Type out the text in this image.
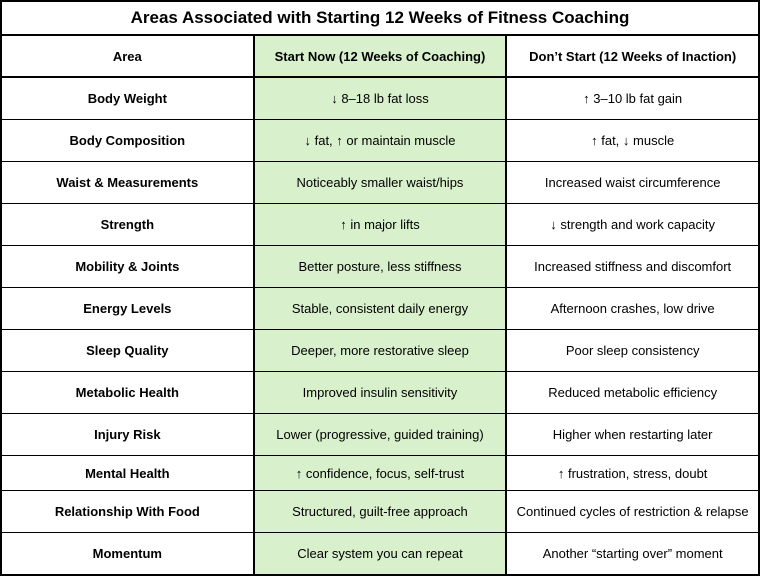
Areas Associated with Starting 12 Weeks of Fitness Coaching		
Area	Start Now (12 Weeks of Coaching)	Don’t Start (12 Weeks of Inaction)
Body Weight	↓ 8–18 lb fat loss	↑ 3–10 lb fat gain
Body Composition	↓ fat, ↑ or maintain muscle	↑ fat, ↓ muscle
Waist & Measurements	Noticeably smaller waist/hips	Increased waist circumference
Strength	↑ in major lifts	↓ strength and work capacity
Mobility & Joints	Better posture, less stiffness	Increased stiffness and discomfort
Energy Levels	Stable, consistent daily energy	Afternoon crashes, low drive
Sleep Quality	Deeper, more restorative sleep	Poor sleep consistency
Metabolic Health	Improved insulin sensitivity	Reduced metabolic efficiency
Injury Risk	Lower (progressive, guided training)	Higher when restarting later
Mental Health	↑ confidence, focus, self-trust	↑ frustration, stress, doubt
Relationship With Food	Structured, guilt-free approach	Continued cycles of restriction & relapse
Momentum	Clear system you can repeat	Another “starting over” moment
